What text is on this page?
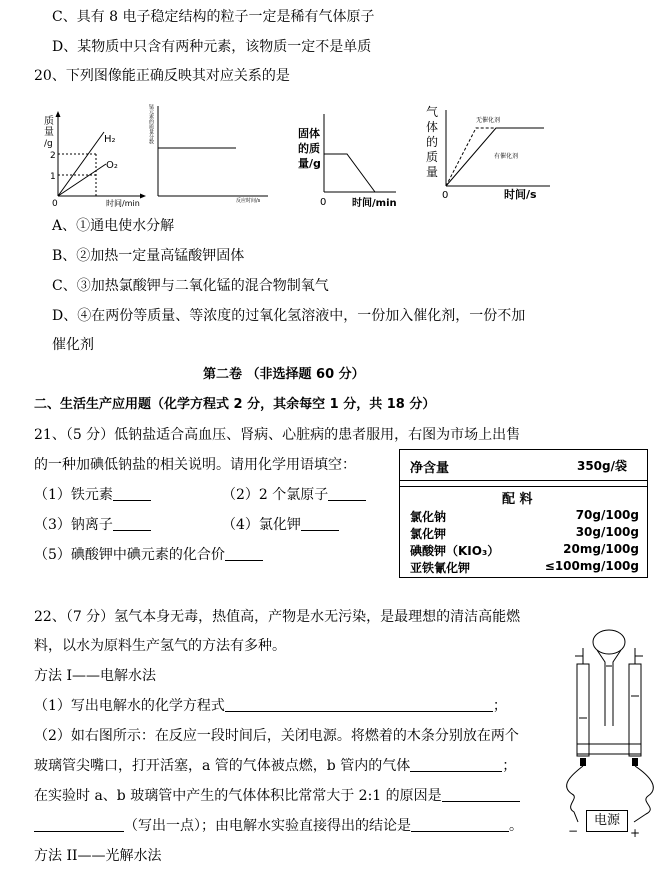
C、具有 8 电子稳定结构的粒子一定是稀有气体原子
D、某物质中只含有两种元素，该物质一定不是单质
20、下列图像能正确反映其对应关系的是
质
量
/g
2
1
0
H₂
O₂
时间/min
锰元素的质量分数
反应时间/s
固体
的质
量/g
0	时间/min
气
体
的
质
量
无催化剂
有催化剂
0	时间/s
A、①通电使水分解
B、②加热一定量高锰酸钾固体
C、③加热氯酸钾与二氧化锰的混合物制氧气
D、④在两份等质量、等浓度的过氧化氢溶液中，一份加入催化剂，一份不加
催化剂
第二卷 （非选择题 60 分）
二、生活生产应用题（化学方程式 2 分，其余每空 1 分，共 18 分）
21、（5 分）低钠盐适合高血压、肾病、心脏病的患者服用，右图为市场上出售
的一种加碘低钠盐的相关说明。请用化学用语填空：
（1）铁元素	（2）2 个氯原子
（3）钠离子	（4）氯化钾
（5）碘酸钾中碘元素的化合价
净含量	350g/袋
配 料
氯化钠	70g/100g
氯化钾	30g/100g
碘酸钾（KIO₃）	20mg/100g
亚铁氰化钾	≤100mg/100g
22、（7 分）氢气本身无毒，热值高，产物是水无污染，是最理想的清洁高能燃
料，以水为原料生产氢气的方法有多种。
方法 I——电解水法
（1）写出电解水的化学方程式	；
（2）如右图所示：在反应一段时间后，关闭电源。将燃着的木条分别放在两个
玻璃管尖嘴口，打开活塞，a 管的气体被点燃，b 管内的气体	；
在实验时 a、b 玻璃管中产生的气体体积比常常大于 2:1 的原因是
（写出一点）；由电解水实验直接得出的结论是	。
方法 II——光解水法
电源
−	+
